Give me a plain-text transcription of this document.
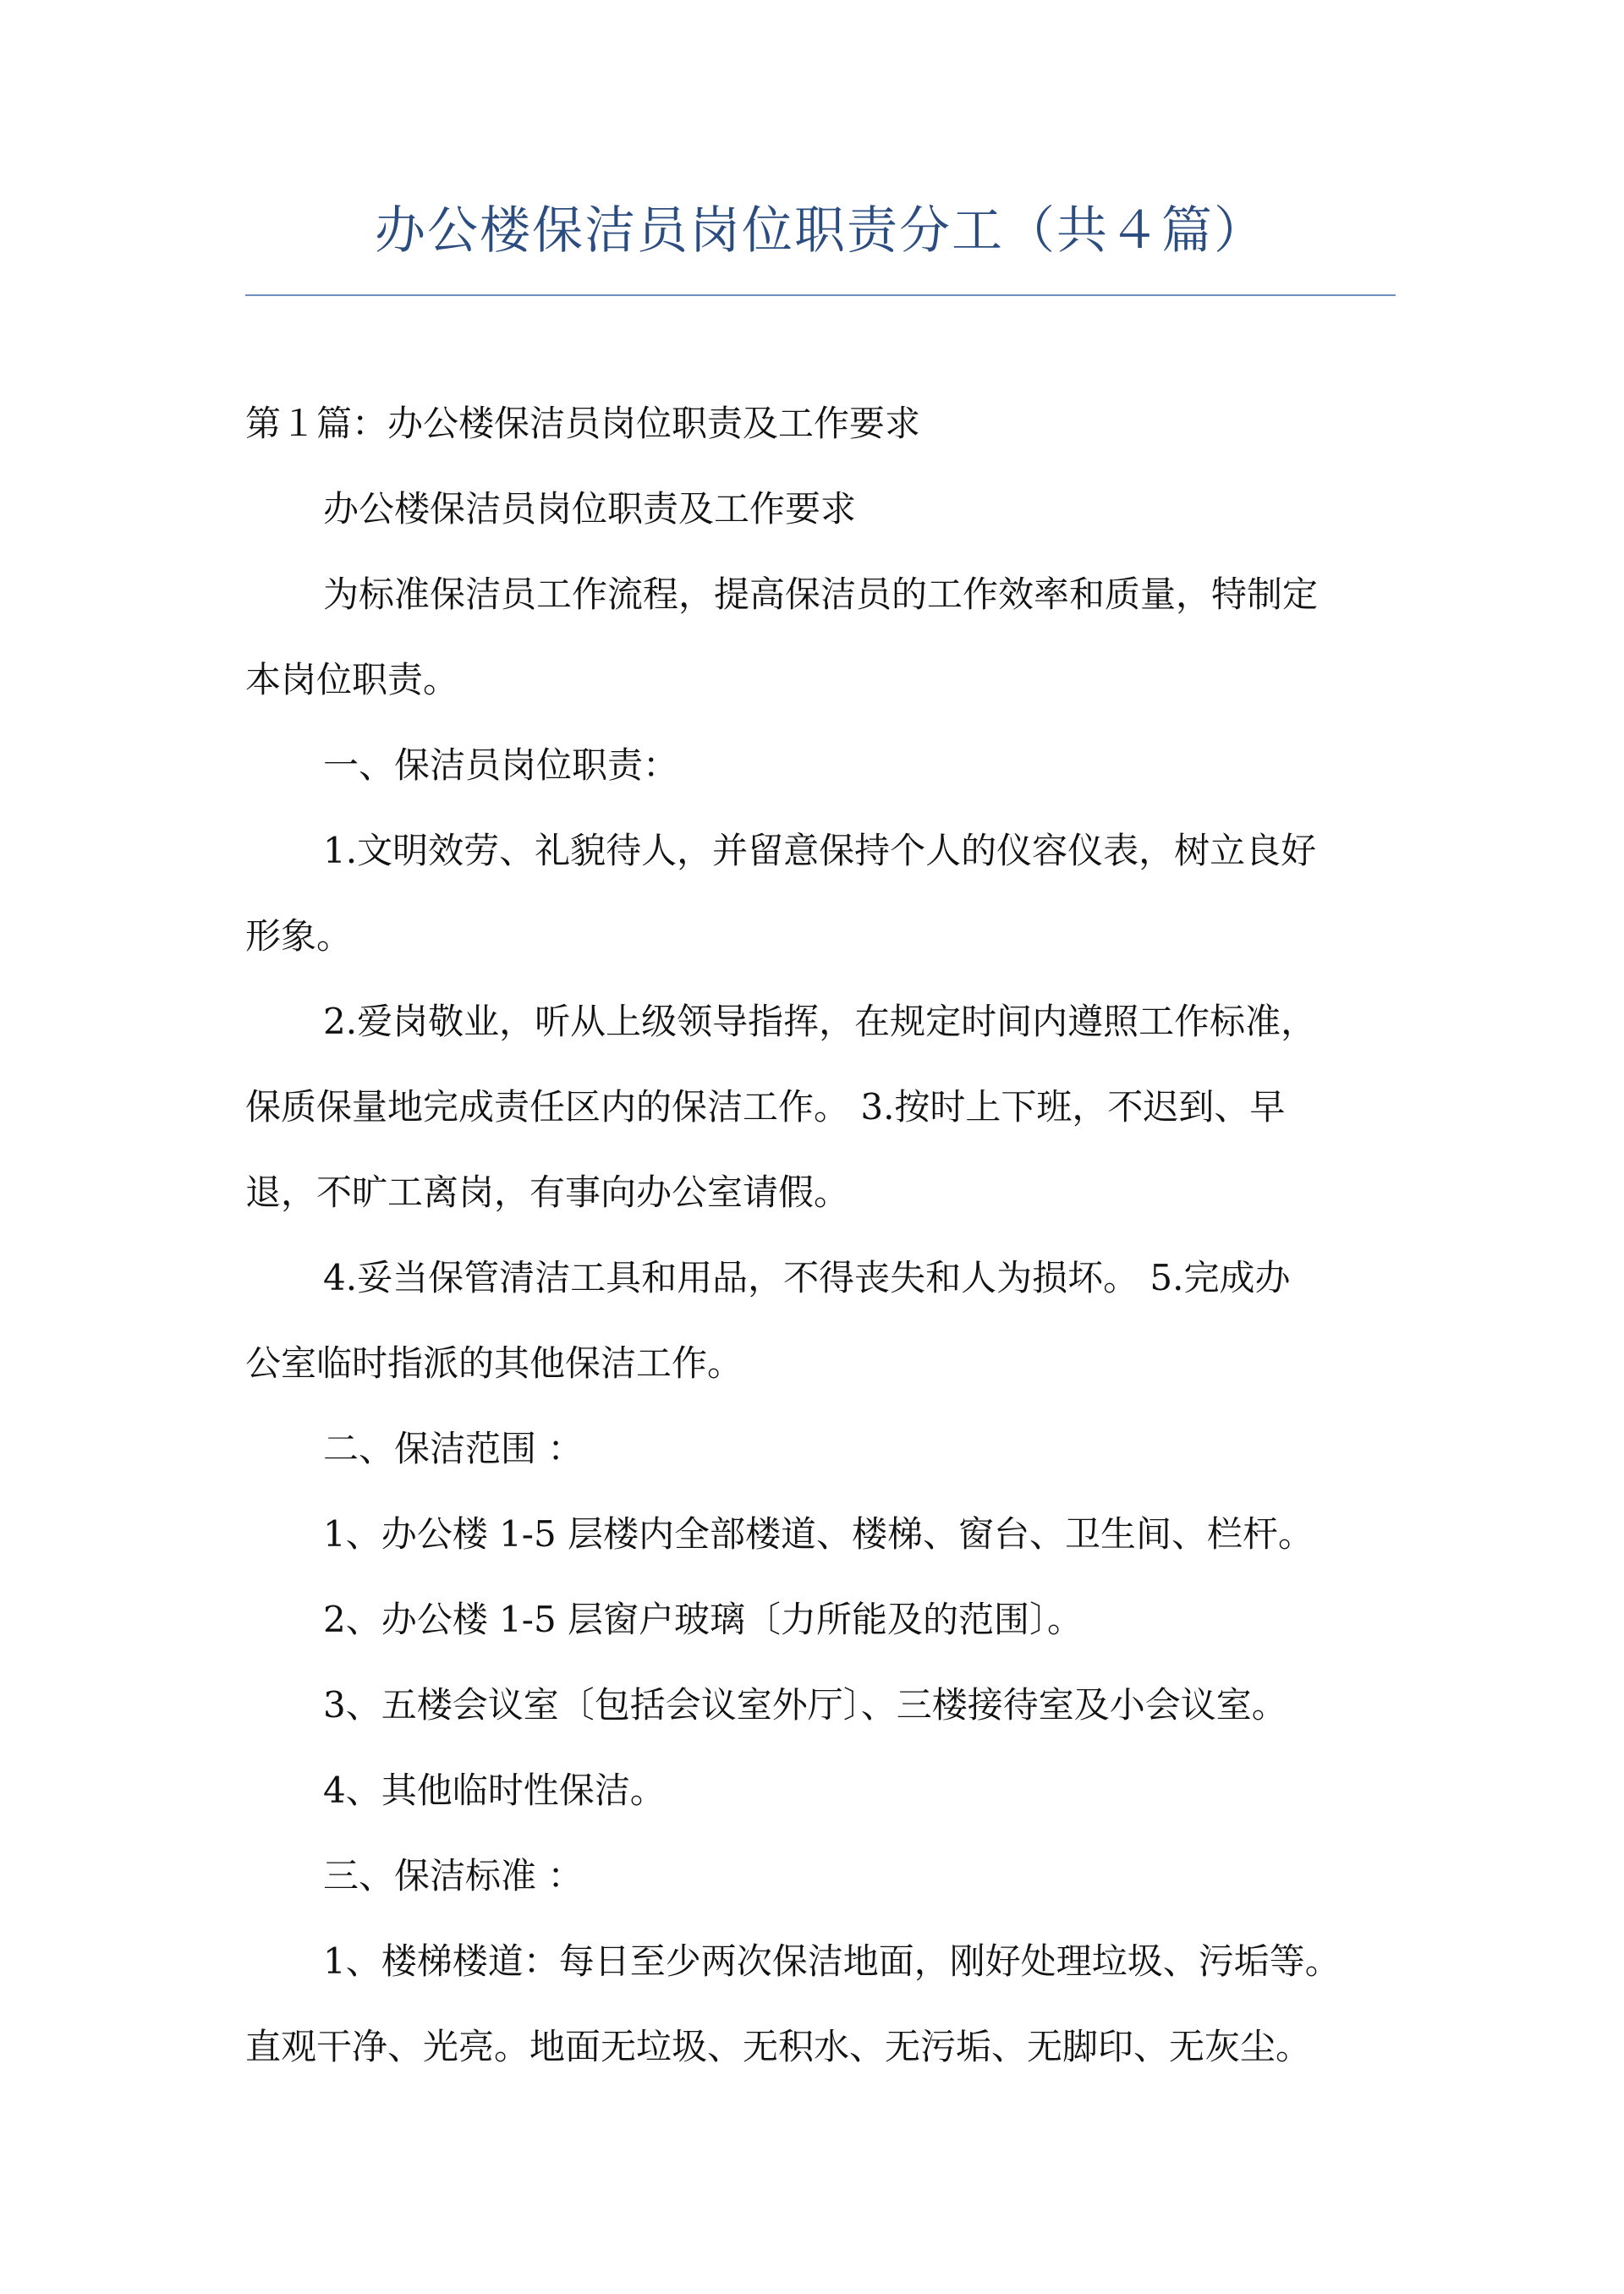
办公楼保洁员岗位职责分工（共４篇）

第１篇：办公楼保洁员岗位职责及工作要求

办公楼保洁员岗位职责及工作要求

为标准保洁员工作流程，提高保洁员的工作效率和质量，特制定

本岗位职责。

一、保洁员岗位职责：

1.文明效劳、礼貌待人，并留意保持个人的仪容仪表，树立良好

形象。

2.爱岗敬业，听从上级领导指挥，在规定时间内遵照工作标准，

保质保量地完成责任区内的保洁工作。 3.按时上下班，不迟到、早

退，不旷工离岗，有事向办公室请假。

4.妥当保管清洁工具和用品，不得丧失和人为损坏。 5.完成办

公室临时指派的其他保洁工作。

二、保洁范围 ：

1、办公楼 1-5 层楼内全部楼道、楼梯、窗台、卫生间、栏杆。

2、办公楼 1-5 层窗户玻璃〔力所能及的范围〕。

3、五楼会议室〔包括会议室外厅〕、三楼接待室及小会议室。

4、其他临时性保洁。

三、保洁标准 ：

1、楼梯楼道：每日至少两次保洁地面，刚好处理垃圾、污垢等。

直观干净、光亮。地面无垃圾、无积水、无污垢、无脚印、无灰尘。
